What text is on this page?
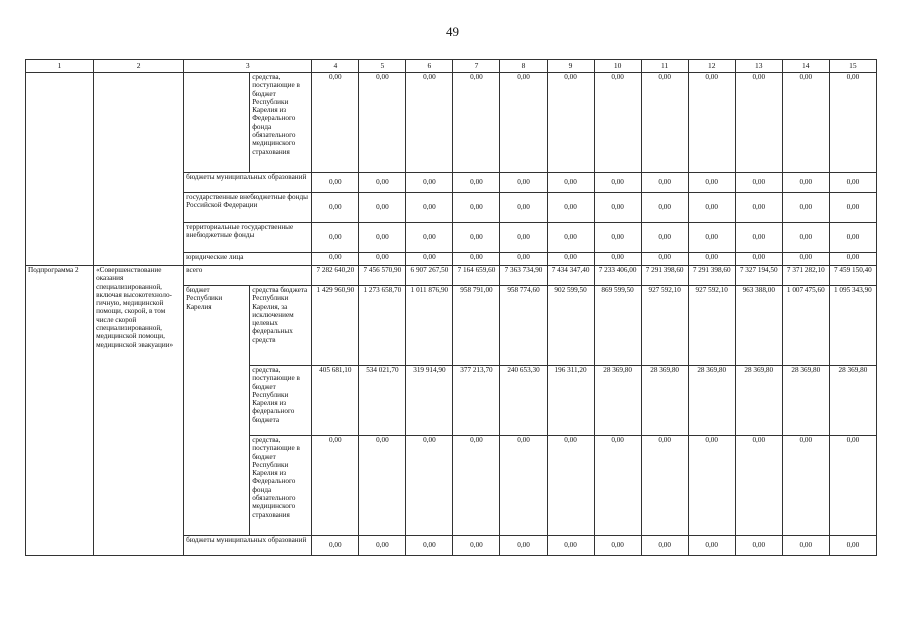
49
1	2	3		4	5	6	7	8	9	10	11	12	13	14	15
			средства, поступающие в бюджет Республики Карелия из Федерального фонда обязательного медицинского страхования	0,00	0,00	0,00	0,00	0,00	0,00	0,00	0,00	0,00	0,00	0,00	0,00
		бюджеты муниципальных образований		0,00	0,00	0,00	0,00	0,00	0,00	0,00	0,00	0,00	0,00	0,00	0,00
		государственные внебюджетные фонды Российской Федерации		0,00	0,00	0,00	0,00	0,00	0,00	0,00	0,00	0,00	0,00	0,00	0,00
		территориальные государственные внебюджетные фонды		0,00	0,00	0,00	0,00	0,00	0,00	0,00	0,00	0,00	0,00	0,00	0,00
		юридические лица		0,00	0,00	0,00	0,00	0,00	0,00	0,00	0,00	0,00	0,00	0,00	0,00
Подпрограмма 2	«Совершенствование оказания специализированной, включая высокотехноло-гичную, медицинской помощи, скорой, в том числе скорой специализированной, медицинской помощи, медицинской эвакуации»	всего		7 282 640,20	7 456 570,90	6 907 267,50	7 164 659,60	7 363 734,90	7 434 347,40	7 233 406,00	7 291 398,60	7 291 398,60	7 327 194,50	7 371 282,10	7 459 150,40
		бюджет Республики Карелия	средства бюджета Республики Карелия, за исключением целевых федеральных средств	1 429 960,90	1 273 658,70	1 011 876,90	958 791,00	958 774,60	902 599,50	869 599,50	927 592,10	927 592,10	963 388,00	1 007 475,60	1 095 343,90
			средства, поступающие в бюджет Республики Карелия из федерального бюджета	405 681,10	534 021,70	319 914,90	377 213,70	240 653,30	196 311,20	28 369,80	28 369,80	28 369,80	28 369,80	28 369,80	28 369,80
			средства, поступающие в бюджет Республики Карелия из Федерального фонда обязательного медицинского страхования	0,00	0,00	0,00	0,00	0,00	0,00	0,00	0,00	0,00	0,00	0,00	0,00
		бюджеты муниципальных образований		0,00	0,00	0,00	0,00	0,00	0,00	0,00	0,00	0,00	0,00	0,00	0,00
